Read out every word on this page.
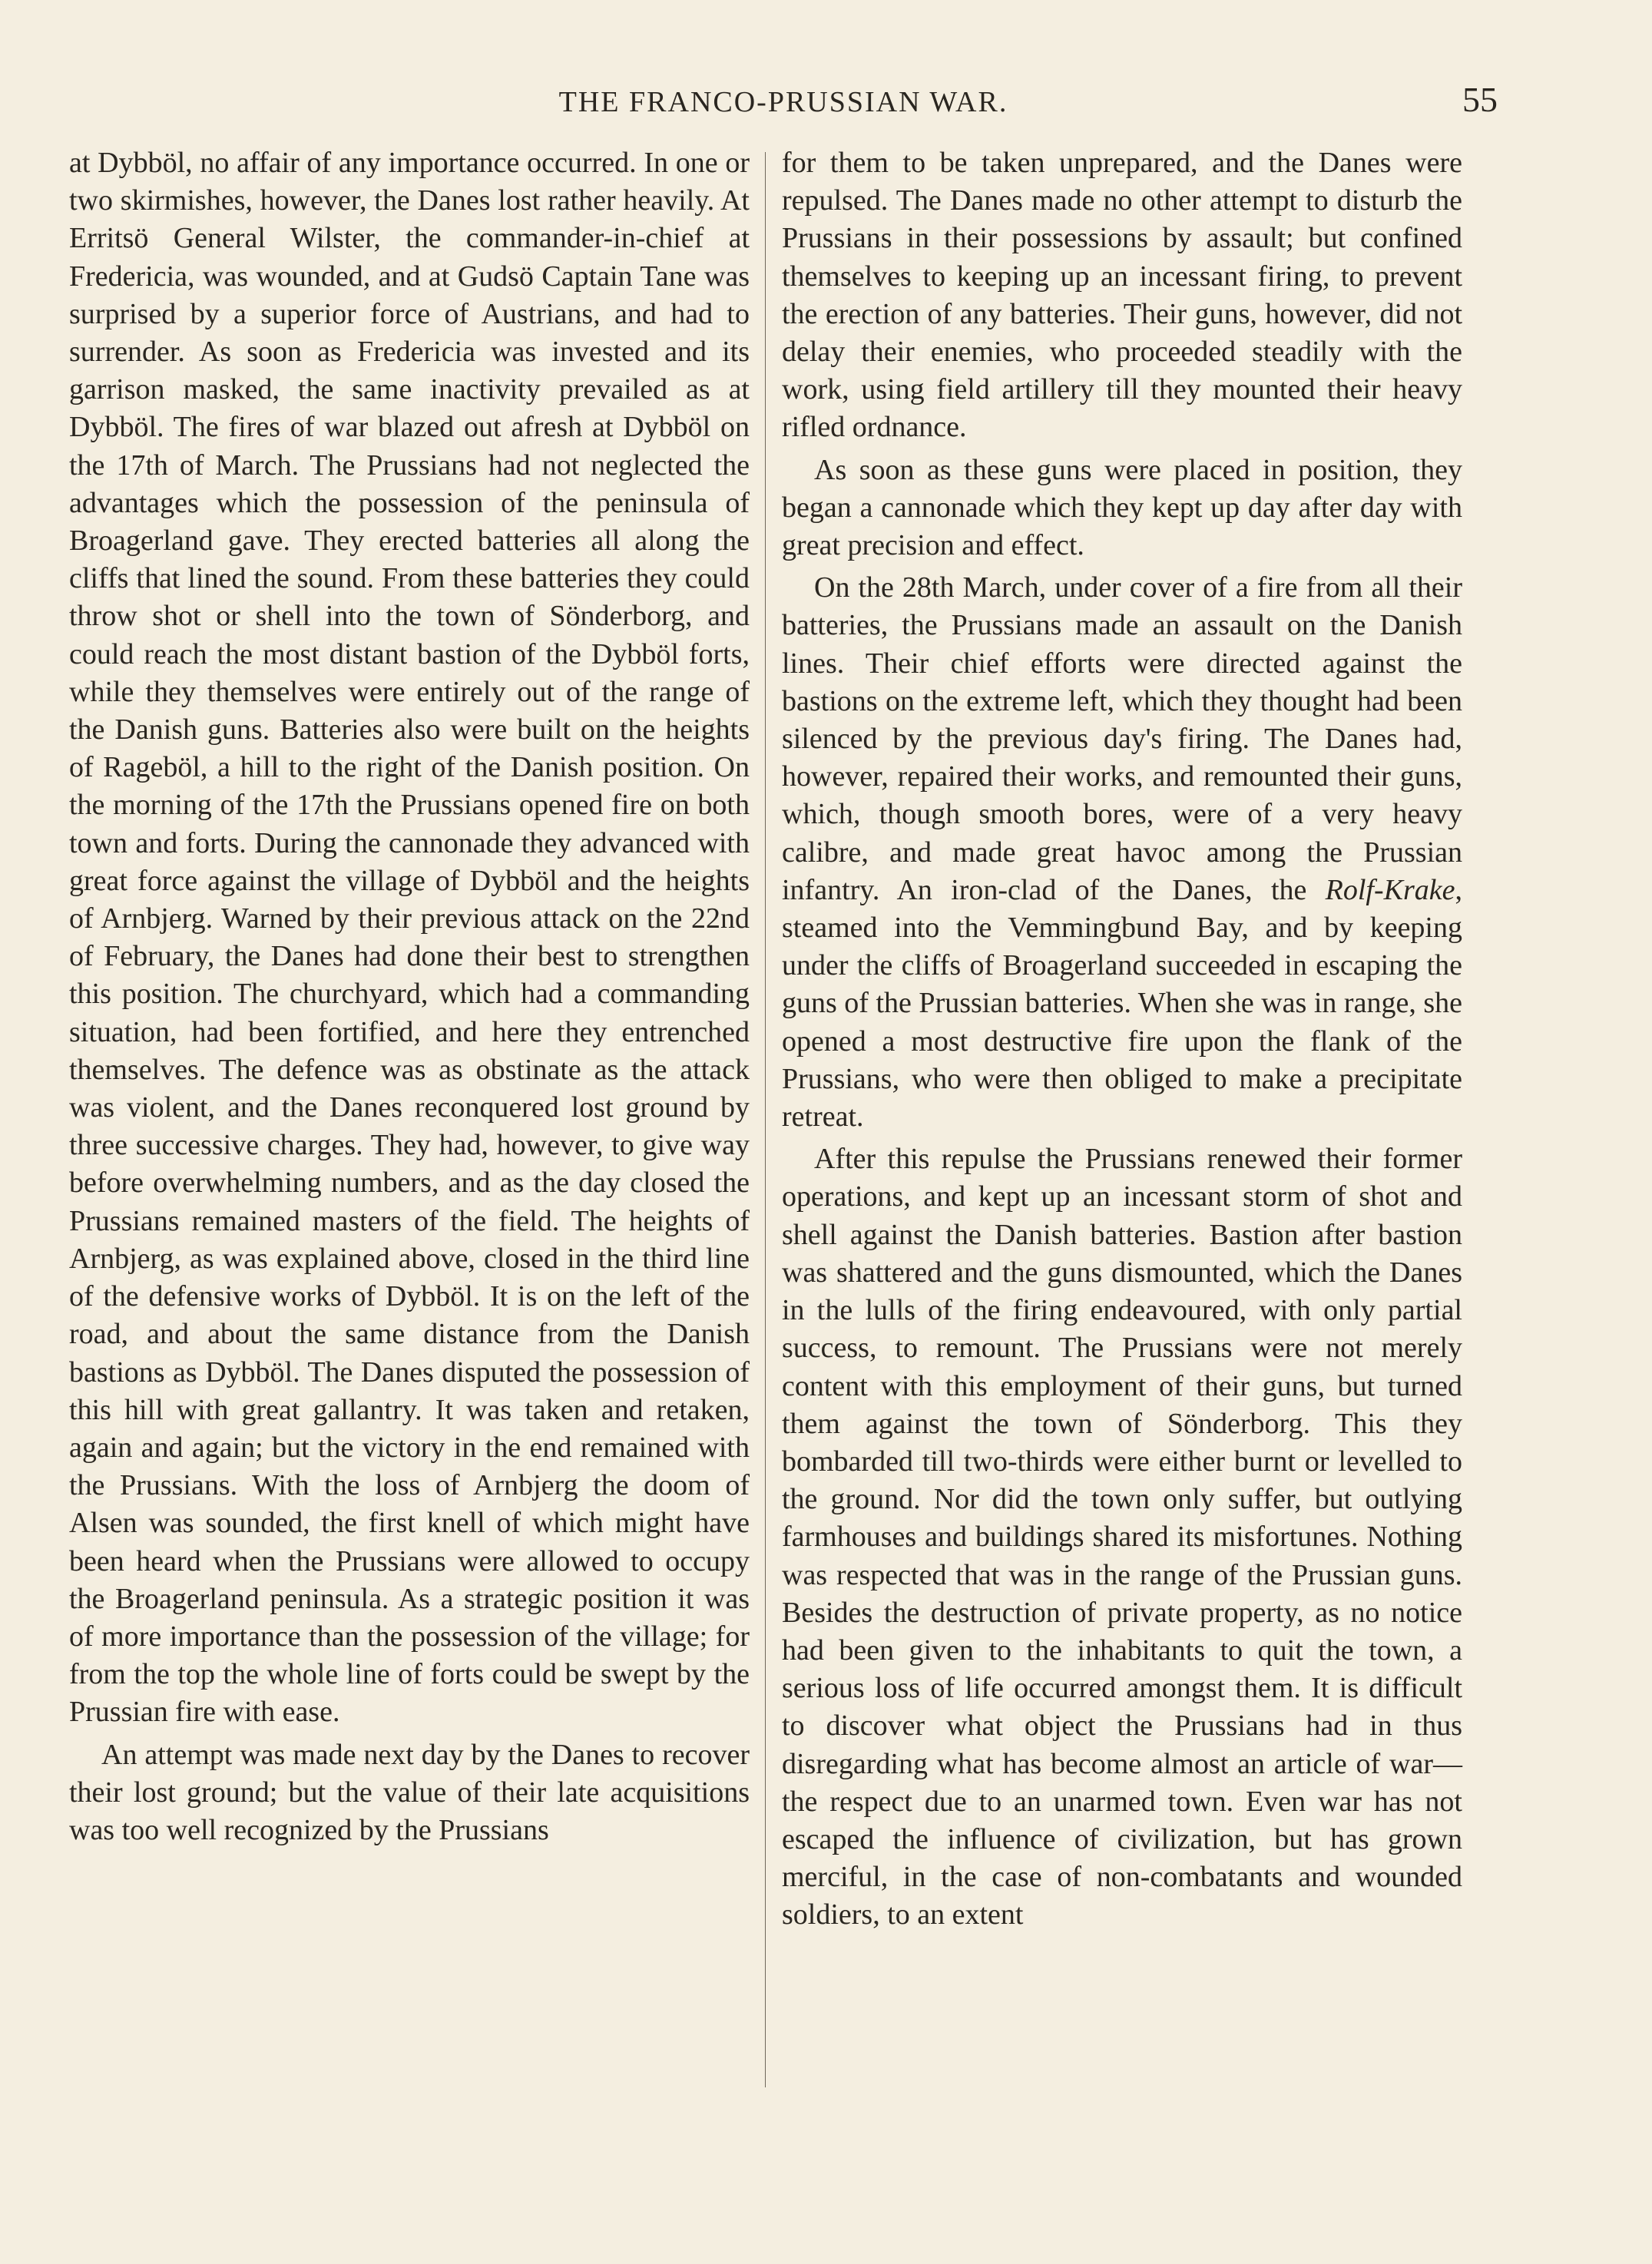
THE FRANCO-PRUSSIAN WAR.	55

at Dybböl, no affair of any importance occurred. In one or two skirmishes, however, the Danes lost rather heavily. At Erritsö General Wilster, the commander-in-chief at Fredericia, was wounded, and at Gudsö Captain Tane was surprised by a superior force of Austrians, and had to surrender. As soon as Fredericia was invested and its garrison masked, the same inactivity prevailed as at Dybböl. The fires of war blazed out afresh at Dybböl on the 17th of March. The Prussians had not neglected the advantages which the possession of the peninsula of Broagerland gave. They erected batteries all along the cliffs that lined the sound. From these batteries they could throw shot or shell into the town of Sönderborg, and could reach the most distant bastion of the Dybböl forts, while they themselves were entirely out of the range of the Danish guns. Batteries also were built on the heights of Rageböl, a hill to the right of the Danish position. On the morning of the 17th the Prussians opened fire on both town and forts. During the cannonade they advanced with great force against the village of Dybböl and the heights of Arnbjerg. Warned by their previous attack on the 22nd of February, the Danes had done their best to strengthen this position. The churchyard, which had a commanding situation, had been fortified, and here they entrenched themselves. The defence was as obstinate as the attack was violent, and the Danes reconquered lost ground by three successive charges. They had, however, to give way before overwhelming numbers, and as the day closed the Prussians remained masters of the field. The heights of Arnbjerg, as was explained above, closed in the third line of the defensive works of Dybböl. It is on the left of the road, and about the same distance from the Danish bastions as Dybböl. The Danes disputed the possession of this hill with great gallantry. It was taken and retaken, again and again; but the victory in the end remained with the Prussians. With the loss of Arnbjerg the doom of Alsen was sounded, the first knell of which might have been heard when the Prussians were allowed to occupy the Broagerland peninsula. As a strategic position it was of more importance than the possession of the village; for from the top the whole line of forts could be swept by the Prussian fire with ease.

An attempt was made next day by the Danes to recover their lost ground; but the value of their late acquisitions was too well recognized by the Prussians

for them to be taken unprepared, and the Danes were repulsed. The Danes made no other attempt to disturb the Prussians in their possessions by assault; but confined themselves to keeping up an incessant firing, to prevent the erection of any batteries. Their guns, however, did not delay their enemies, who proceeded steadily with the work, using field artillery till they mounted their heavy rifled ordnance.

As soon as these guns were placed in position, they began a cannonade which they kept up day after day with great precision and effect.

On the 28th March, under cover of a fire from all their batteries, the Prussians made an assault on the Danish lines. Their chief efforts were directed against the bastions on the extreme left, which they thought had been silenced by the previous day's firing. The Danes had, however, repaired their works, and remounted their guns, which, though smooth bores, were of a very heavy calibre, and made great havoc among the Prussian infantry. An iron-clad of the Danes, the Rolf-Krake, steamed into the Vemmingbund Bay, and by keeping under the cliffs of Broagerland succeeded in escaping the guns of the Prussian batteries. When she was in range, she opened a most destructive fire upon the flank of the Prussians, who were then obliged to make a precipitate retreat.

After this repulse the Prussians renewed their former operations, and kept up an incessant storm of shot and shell against the Danish batteries. Bastion after bastion was shattered and the guns dismounted, which the Danes in the lulls of the firing endeavoured, with only partial success, to remount. The Prussians were not merely content with this employment of their guns, but turned them against the town of Sönderborg. This they bombarded till two-thirds were either burnt or levelled to the ground. Nor did the town only suffer, but outlying farmhouses and buildings shared its misfortunes. Nothing was respected that was in the range of the Prussian guns. Besides the destruction of private property, as no notice had been given to the inhabitants to quit the town, a serious loss of life occurred amongst them. It is difficult to discover what object the Prussians had in thus disregarding what has become almost an article of war—the respect due to an unarmed town. Even war has not escaped the influence of civilization, but has grown merciful, in the case of non-combatants and wounded soldiers, to an extent
